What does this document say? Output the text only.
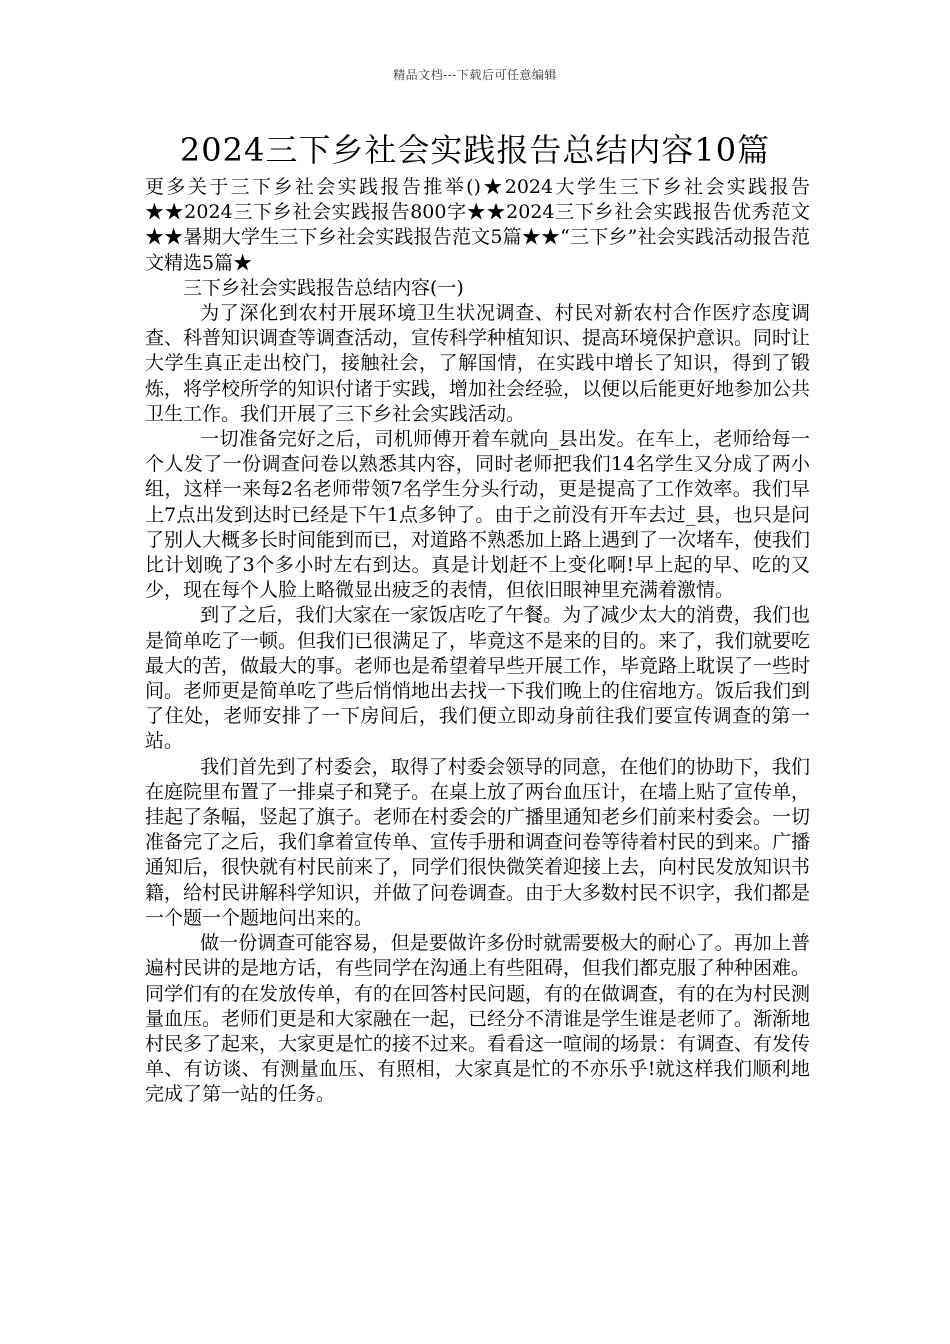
精品文档---下载后可任意编辑
2024三下乡社会实践报告总结内容10篇

更多关于三下乡社会实践报告推举()★2024大学生三下乡社会实践报告★★2024三下乡社会实践报告800字★★2024三下乡社会实践报告优秀范文★★暑期大学生三下乡社会实践报告范文5篇★★“三下乡”社会实践活动报告范文精选5篇★

三下乡社会实践报告总结内容(一)

为了深化到农村开展环境卫生状况调查、村民对新农村合作医疗态度调查、科普知识调查等调查活动，宣传科学种植知识、提高环境保护意识。同时让大学生真正走出校门，接触社会，了解国情，在实践中增长了知识，得到了锻炼，将学校所学的知识付诸于实践，增加社会经验，以便以后能更好地参加公共卫生工作。我们开展了三下乡社会实践活动。

一切准备完好之后，司机师傅开着车就向_县出发。在车上，老师给每一个人发了一份调查问卷以熟悉其内容，同时老师把我们14名学生又分成了两小组，这样一来每2名老师带领7名学生分头行动，更是提高了工作效率。我们早上7点出发到达时已经是下午1点多钟了。由于之前没有开车去过_县，也只是问了别人大概多长时间能到而已，对道路不熟悉加上路上遇到了一次堵车，使我们比计划晚了3个多小时左右到达。真是计划赶不上变化啊!早上起的早、吃的又少，现在每个人脸上略微显出疲乏的表情，但依旧眼神里充满着激情。

到了之后，我们大家在一家饭店吃了午餐。为了减少太大的消费，我们也是简单吃了一顿。但我们已很满足了，毕竟这不是来的目的。来了，我们就要吃最大的苦，做最大的事。老师也是希望着早些开展工作，毕竟路上耽误了一些时间。老师更是简单吃了些后悄悄地出去找一下我们晚上的住宿地方。饭后我们到了住处，老师安排了一下房间后，我们便立即动身前往我们要宣传调查的第一站。

我们首先到了村委会，取得了村委会领导的同意，在他们的协助下，我们在庭院里布置了一排桌子和凳子。在桌上放了两台血压计，在墙上贴了宣传单，挂起了条幅，竖起了旗子。老师在村委会的广播里通知老乡们前来村委会。一切准备完了之后，我们拿着宣传单、宣传手册和调查问卷等待着村民的到来。广播通知后，很快就有村民前来了，同学们很快微笑着迎接上去，向村民发放知识书籍，给村民讲解科学知识，并做了问卷调查。由于大多数村民不识字，我们都是一个题一个题地问出来的。

做一份调查可能容易，但是要做许多份时就需要极大的耐心了。再加上普遍村民讲的是地方话，有些同学在沟通上有些阻碍，但我们都克服了种种困难。同学们有的在发放传单，有的在回答村民问题，有的在做调查，有的在为村民测量血压。老师们更是和大家融在一起，已经分不清谁是学生谁是老师了。渐渐地村民多了起来，大家更是忙的接不过来。看看这一喧闹的场景：有调查、有发传单、有访谈、有测量血压、有照相，大家真是忙的不亦乐乎!就这样我们顺利地完成了第一站的任务。
